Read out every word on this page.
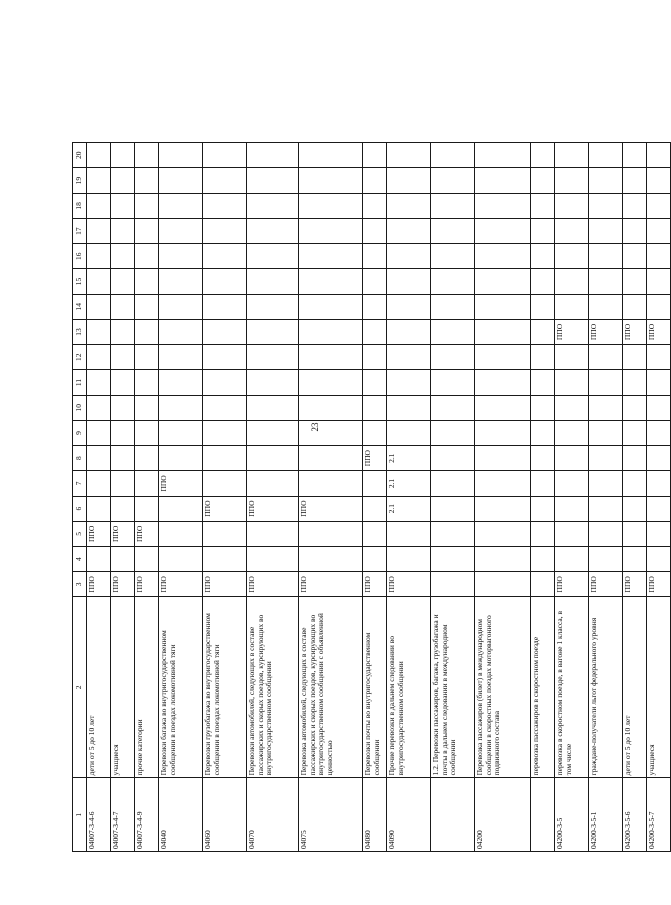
23
1	2	3	4	5	6	7	8	9	10	11	12	13	14	15	16	17	18	19	20
04007-3-4-6	дети от 5 до 10 лет	ППО		ППО															
04007-3-4-7	учащиеся	ППО		ППО															
04007-3-4-9	прочие категории	ППО		ППО															
04040	Перевозки багажа во внутригосударственном сообщении в поездах локомотивной тяги	ППО				ППО													
04060	Перевозки грузобагажа во внутригосударственном сообщении в поездах локомотивной тяги	ППО			ППО														
04070	Перевозки автомобилей, следующих в составе пассажирских и скорых поездов, курсирующих во внутригосударственном сообщении	ППО			ППО														
04075	Перевозка автомобилей, следующих в составе пассажирских и скорых поездов, курсирующих во внутригосударственном сообщении с объявленной ценностью	ППО			ППО														
04080	Перевозки почты во внутригосударственном сообщении	ППО					ППО												
04090	Прочие перевозки в дальнем следовании во внутригосударственном сообщении	ППО			2.1	2.1	2.1												
	1.2. Перевозки пассажиров, багажа, грузобагажа и почты в дальнем следовании в международном сообщении																		
04200	Перевозка пассажиров (билет) в международном сообщении в скоростных поездах моторвагонного подвижного состава																		
	перевозка пассажиров в скоростном поезде																		
04200-3-5	перевозка в скоростном поезде, в вагоне 1 класса, в том числе	ППО										ППО							
04200-3-5-1	граждане-получатели льгот федерального уровня	ППО										ППО							
04200-3-5-6	дети от 5 до 10 лет	ППО										ППО							
04200-3-5-7	учащиеся	ППО										ППО							
